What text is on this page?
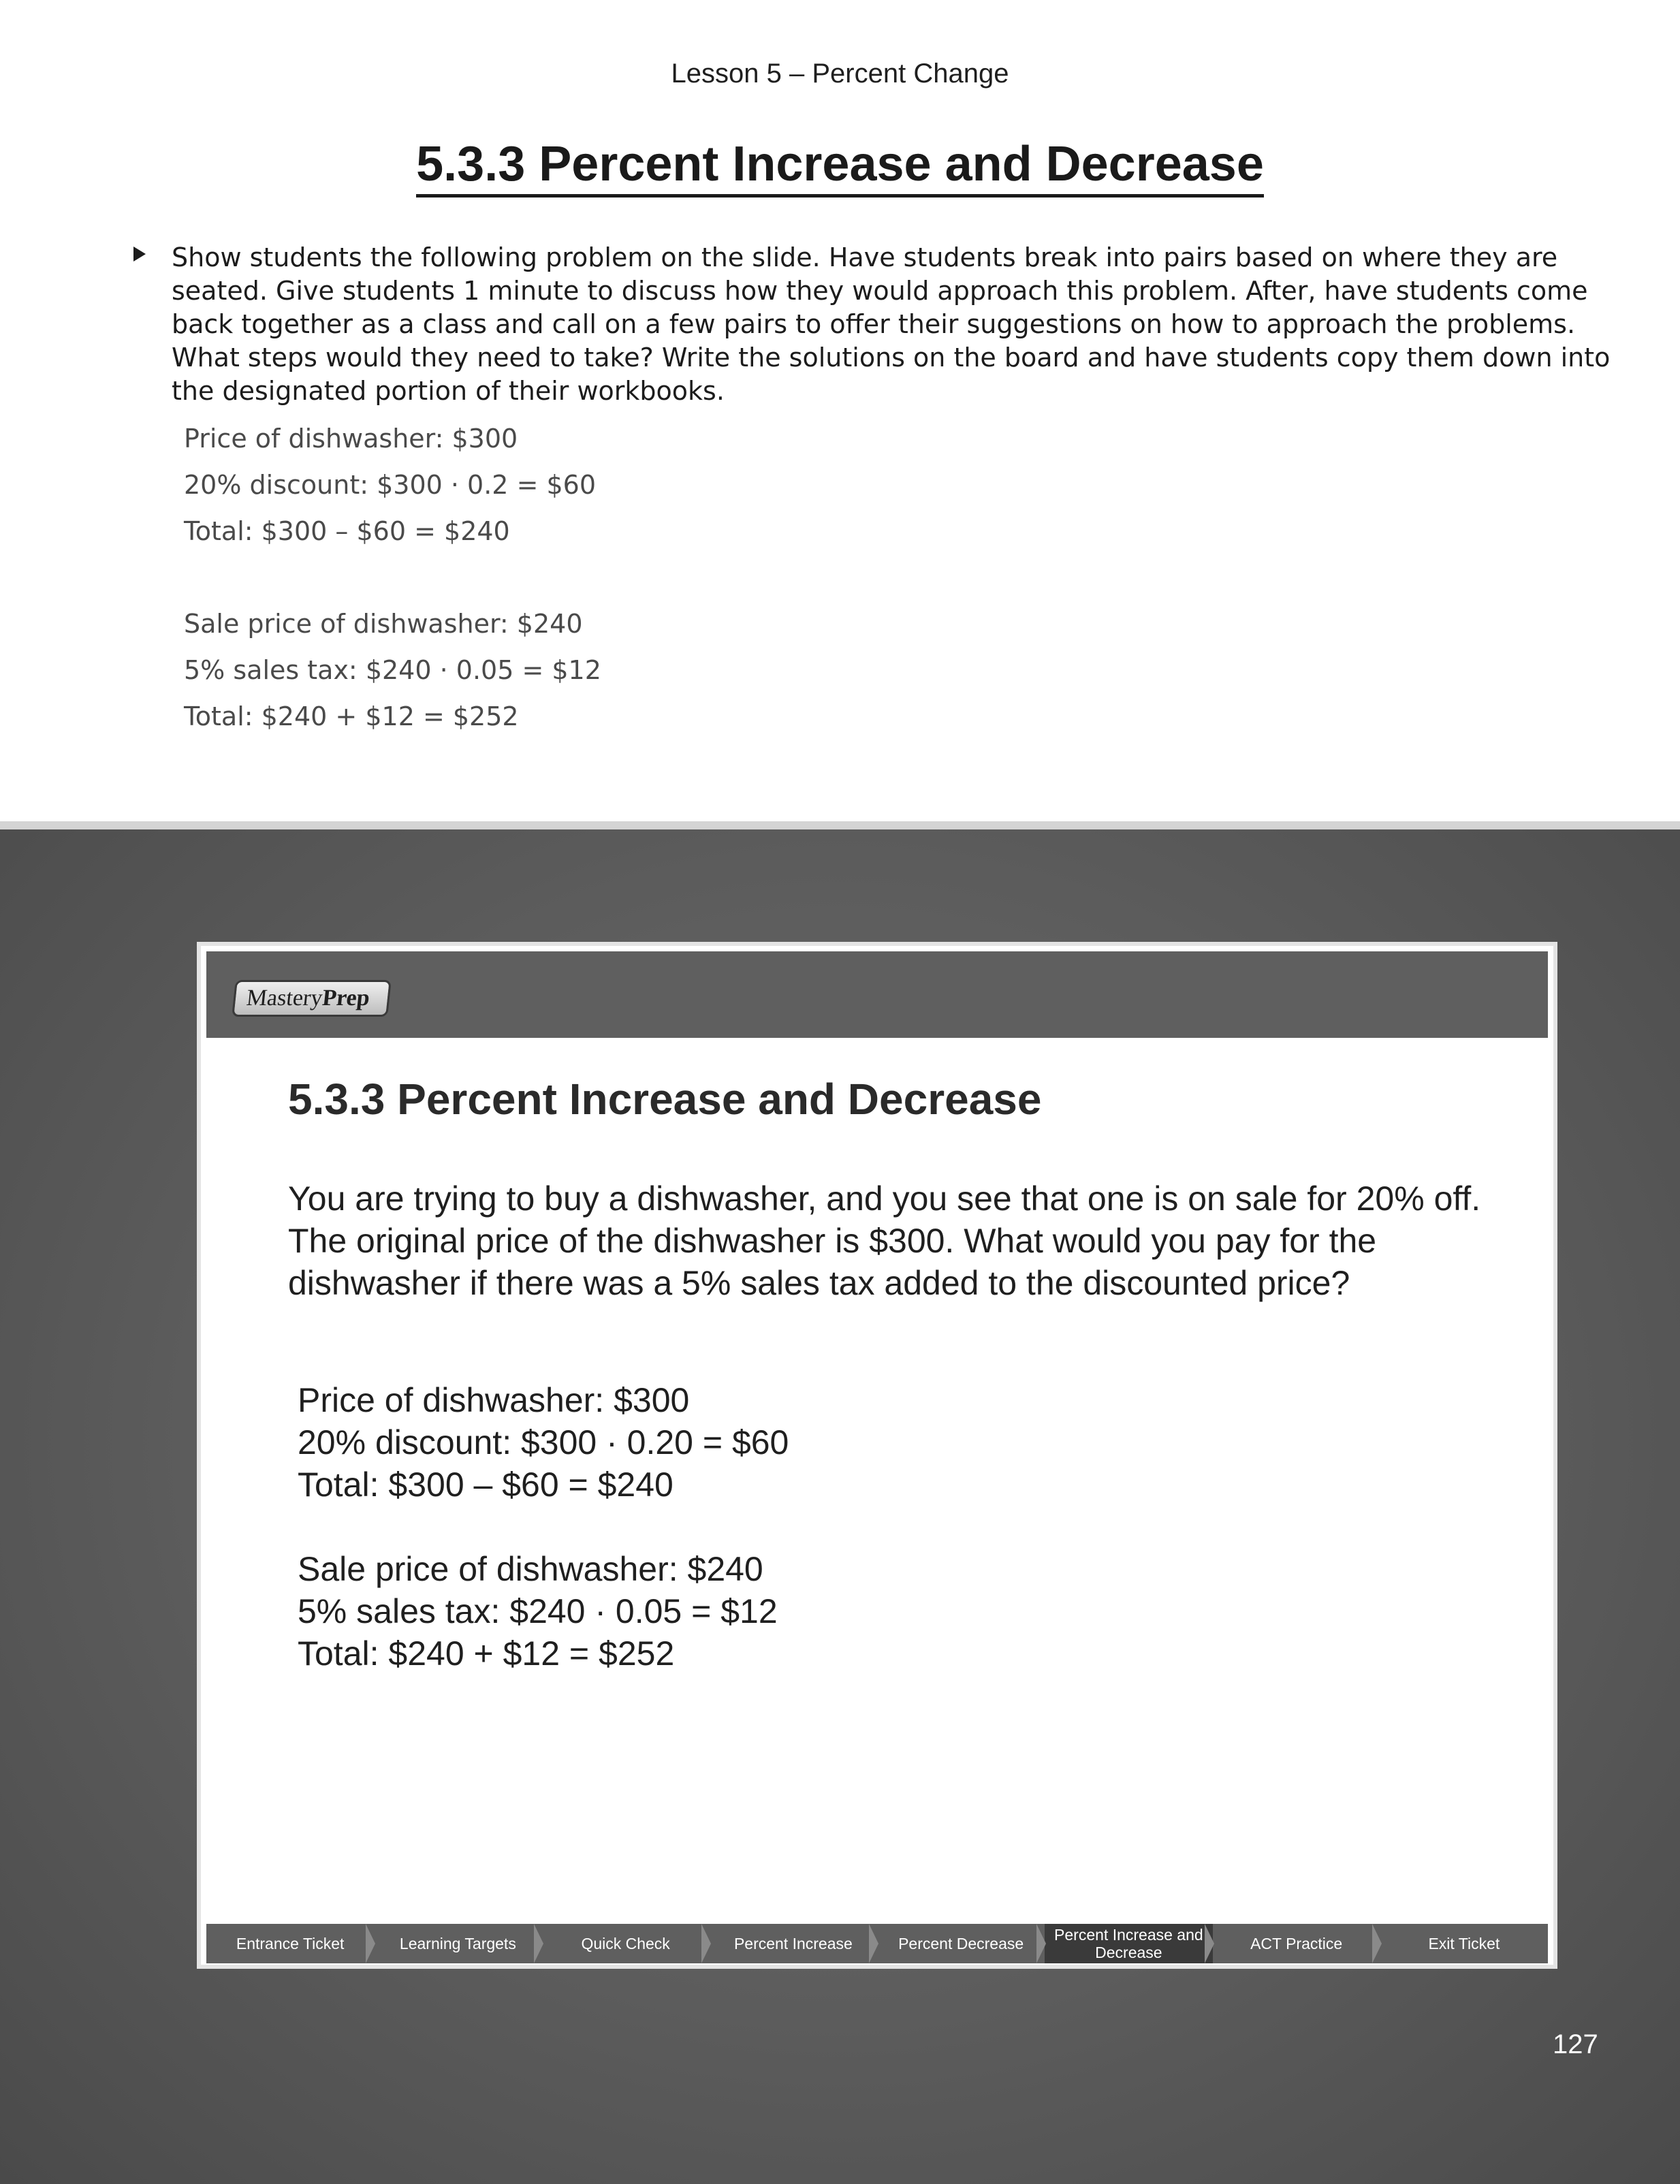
Lesson 5 – Percent Change
5.3.3 Percent Increase and Decrease
Show students the following problem on the slide. Have students break into pairs based on where they are seated. Give students 1 minute to discuss how they would approach this problem. After, have students come back together as a class and call on a few pairs to offer their suggestions on how to approach the problems. What steps would they need to take? Write the solutions on the board and have students copy them down into the designated portion of their workbooks.
Price of dishwasher: $300
20% discount: $300 · 0.2 = $60
Total: $300 – $60 = $240
Sale price of dishwasher: $240
5% sales tax: $240 · 0.05 = $12
Total: $240 + $12 = $252
MasteryPrep
5.3.3 Percent Increase and Decrease
You are trying to buy a dishwasher, and you see that one is on sale for 20% off. The original price of the dishwasher is $300. What would you pay for the dishwasher if there was a 5% sales tax added to the discounted price?
Price of dishwasher: $300
20% discount: $300 · 0.20 = $60
Total: $300 – $60 = $240
Sale price of dishwasher: $240
5% sales tax: $240 · 0.05 = $12
Total: $240 + $12 = $252
Entrance Ticket	Learning Targets	Quick Check	Percent Increase	Percent Decrease	Percent Increase and Decrease	ACT Practice	Exit Ticket
127
